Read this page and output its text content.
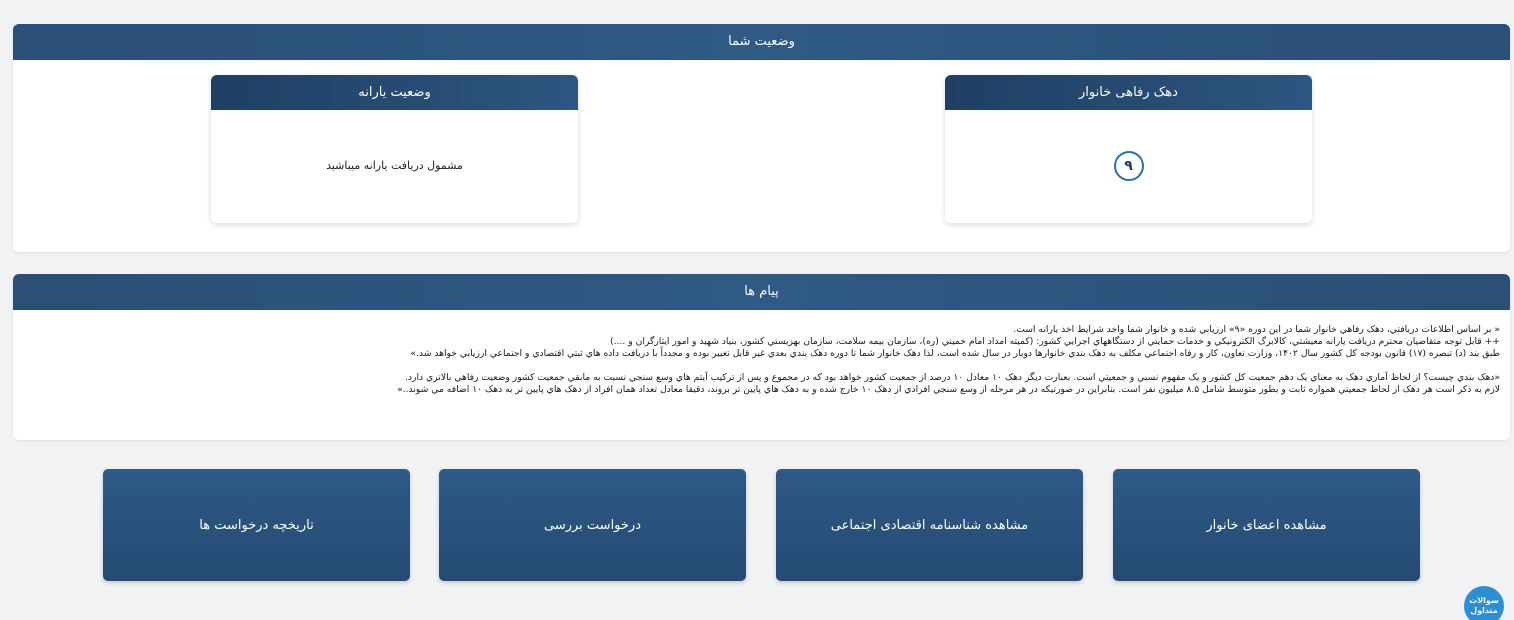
وضعیت شما
دهک رفاهی خانوار
۹
وضعیت یارانه
مشمول دریافت یارانه میباشید
پیام ها

« بر اساس اطلاعات دريافتي، دهک رفاهي خانوار شما در اين دوره «۹» ارزيابي شده و خانوار شما واجد شرايط اخذ يارانه است.

++ قابل توجه متقاضیان محترم دریافت یارانه معیشتي، کالابرگ الکترونيکي و خدمات حمايتي از دستگاههاي اجرايي کشور: (کميته امداد امام خميني (ره)، سازمان بيمه سلامت، سازمان بهزيستي کشور، بنياد شهيد و امور ايثارگران و ....)

طبق بند (د) تبصره (۱۷) قانون بودجه کل کشور سال ۱۴۰۲، وزارت تعاون، کار و رفاه اجتماعي مکلف به دهک بندي خانوارها دوبار در سال شده است، لذا دهک خانوار شما تا دوره دهک بندي بعدي غير قابل تغيير بوده و مجدداً با دريافت داده هاي ثبتي اقتصادي و اجتماعي ارزيابي خواهد شد.»

«دهک بندي چيست؟ از لحاظ آماري دهک به معناي يک دهم جمعيت کل کشور و يک مفهوم نسبي و جمعيتي است. بعبارت ديگر دهک ۱۰ معادل ۱۰ درصد از جمعيت کشور خواهد بود که در مجموع و پس از ترکيب آيتم هاي وسع سنجي نسبت به مابقي جمعيت کشور وضعيت رفاهي بالاتري دارد.

لازم به ذکر است هر دهک از لحاظ جمعيتي همواره ثابت و بطور متوسط شامل ۸.۵ ميليون نفر است. بنابراين در صورتيکه در هر مرحله از وسع سنجي افرادي از دهک ۱۰ خارج شده و به دهک هاي پايين تر بروند، دقيقا معادل تعداد همان افراد از دهک هاي پايين تر به دهک ۱۰ اضافه مي شوند..»

مشاهده اعضای خانوار
مشاهده شناسنامه اقتصادی اجتماعی
درخواست بررسی
تاریخچه درخواست ها
سوالات
متداول
